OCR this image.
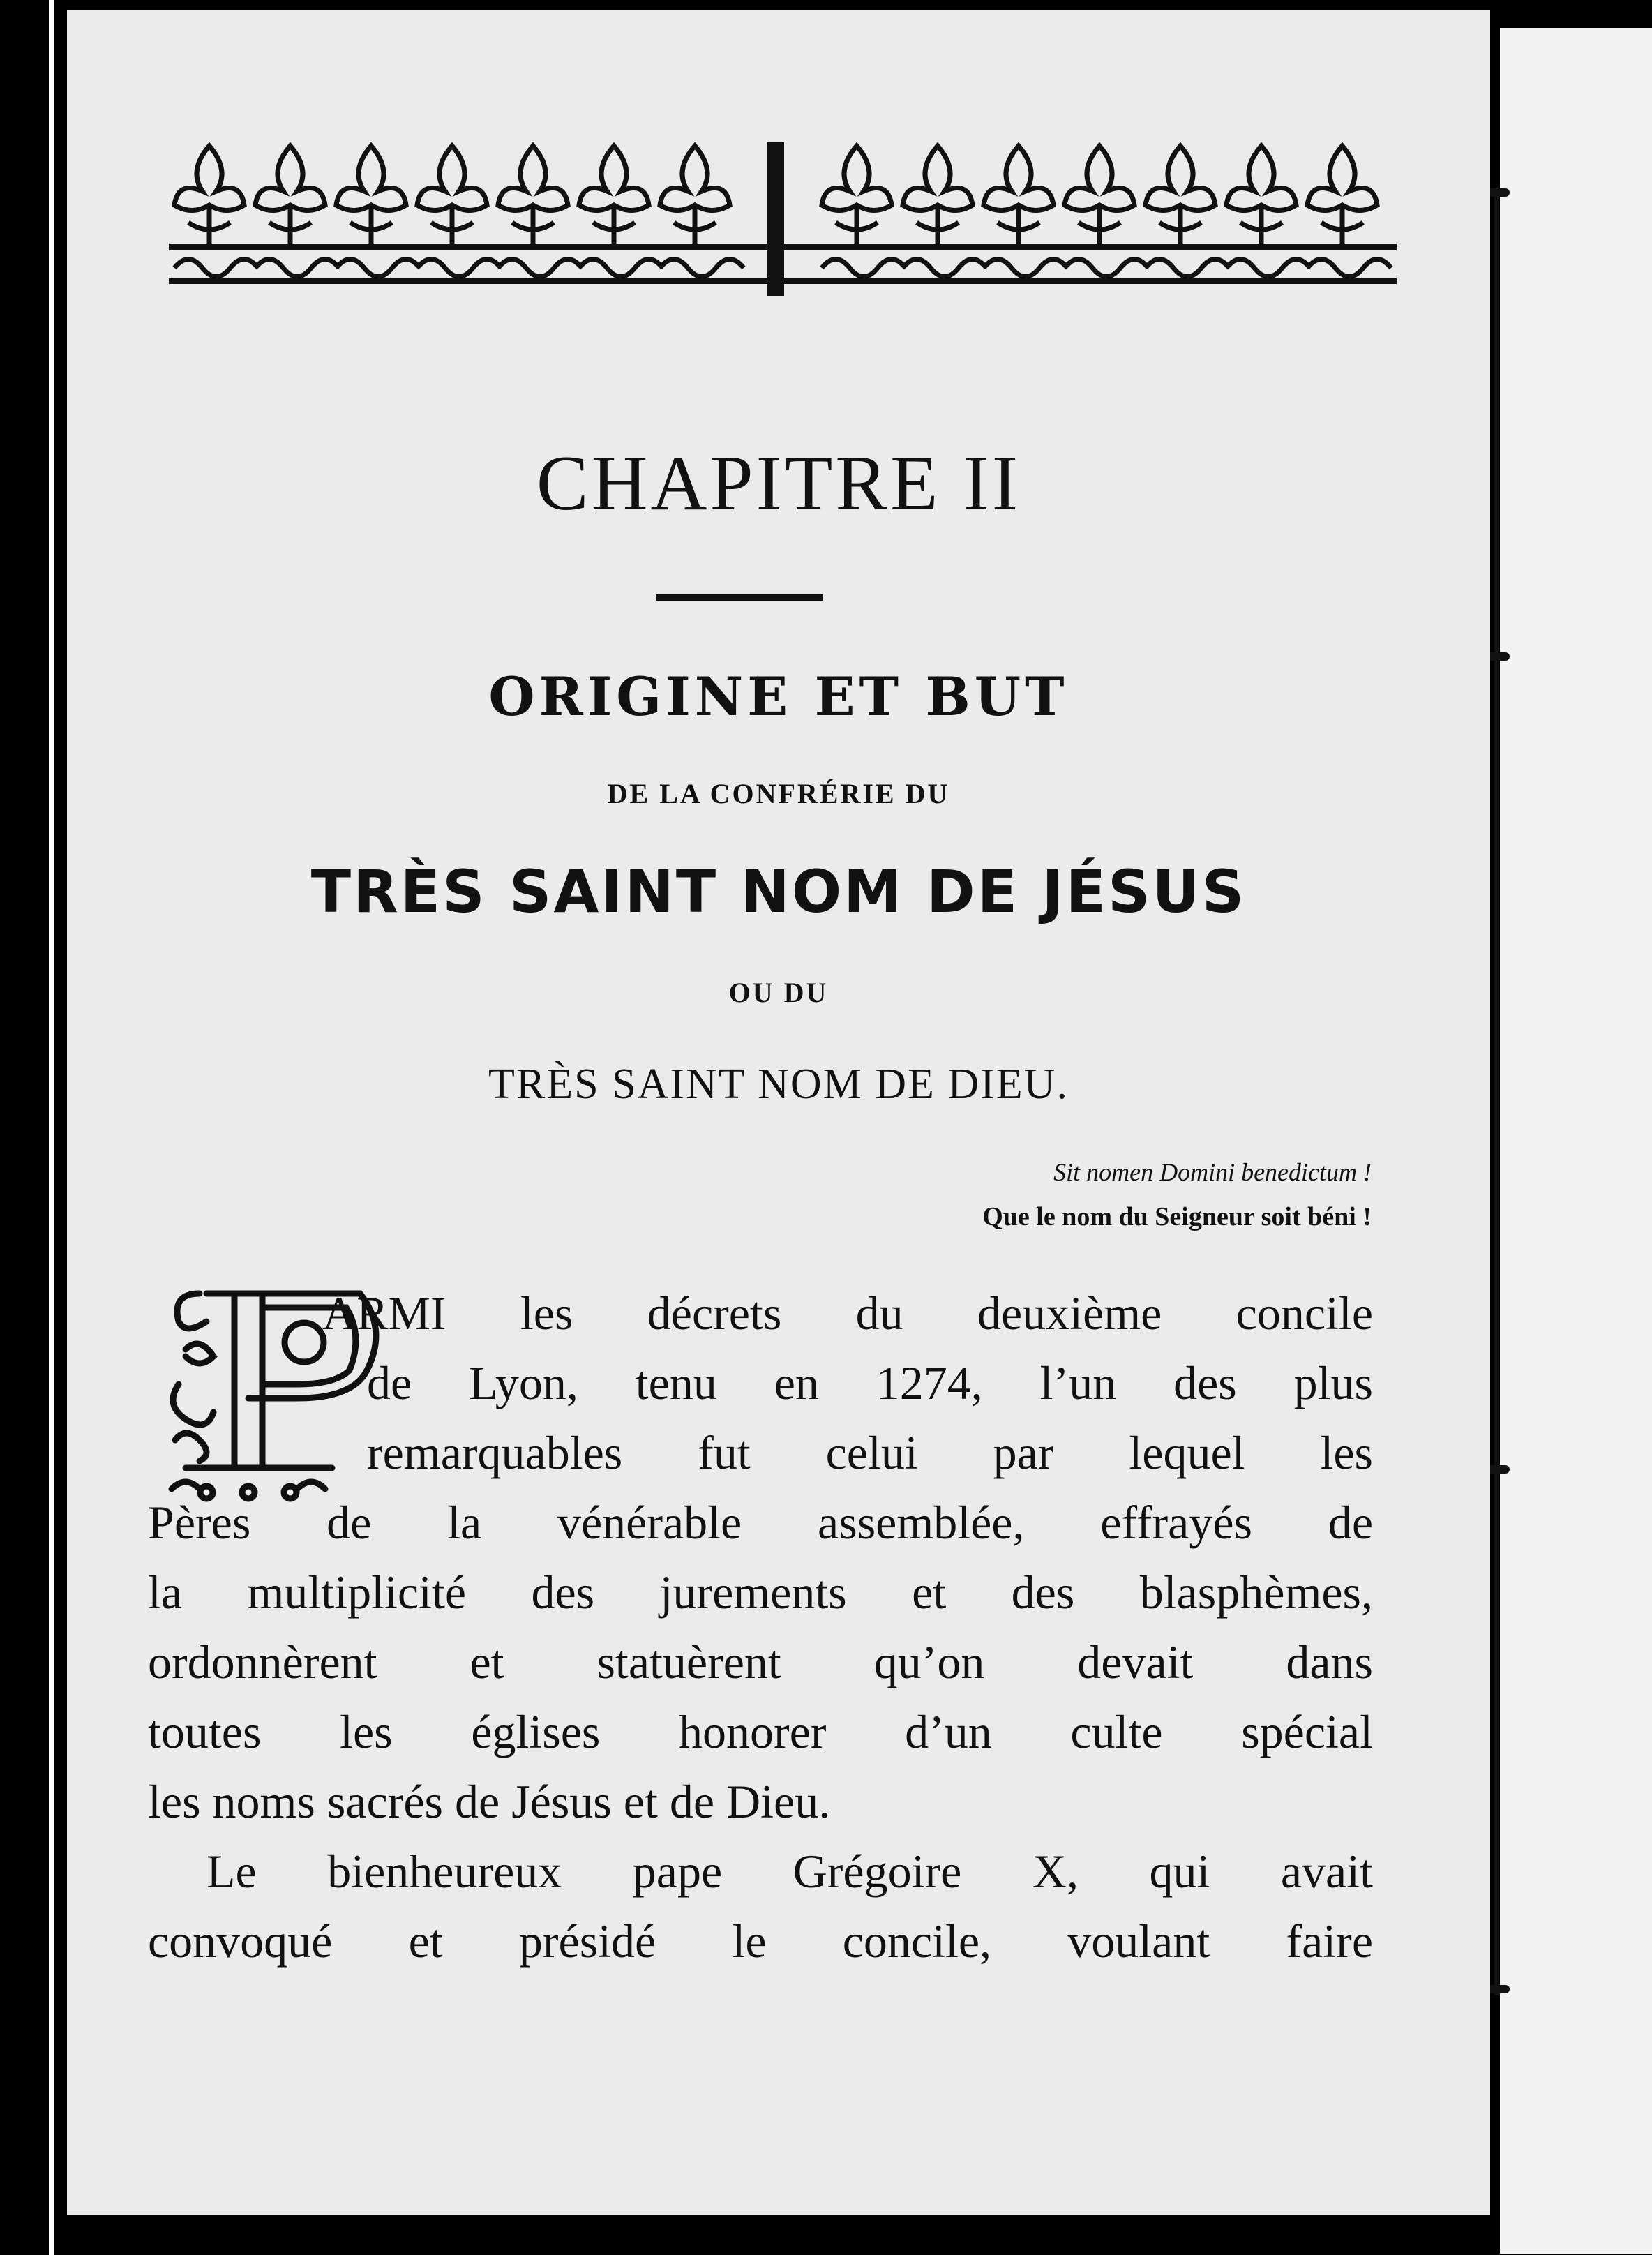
CHAPITRE II
ORIGINE ET BUT
DE LA CONFRÉRIE DU
TRÈS SAINT NOM DE JÉSUS
OU DU
TRÈS SAINT NOM DE DIEU.
Sit nomen Domini benedictum !
Que le nom du Seigneur soit béni !
ARMI les décrets du deuxième concile
de Lyon, tenu en 1274, l’un des plus
remarquables fut celui par lequel les
Pères de la vénérable assemblée, effrayés de
la multiplicité des jurements et des blasphèmes,
ordonnèrent et statuèrent qu’on devait dans
toutes les églises honorer d’un culte spécial
les noms sacrés de Jésus et de Dieu.
Le bienheureux pape Grégoire X, qui avait
convoqué et présidé le concile, voulant faire
